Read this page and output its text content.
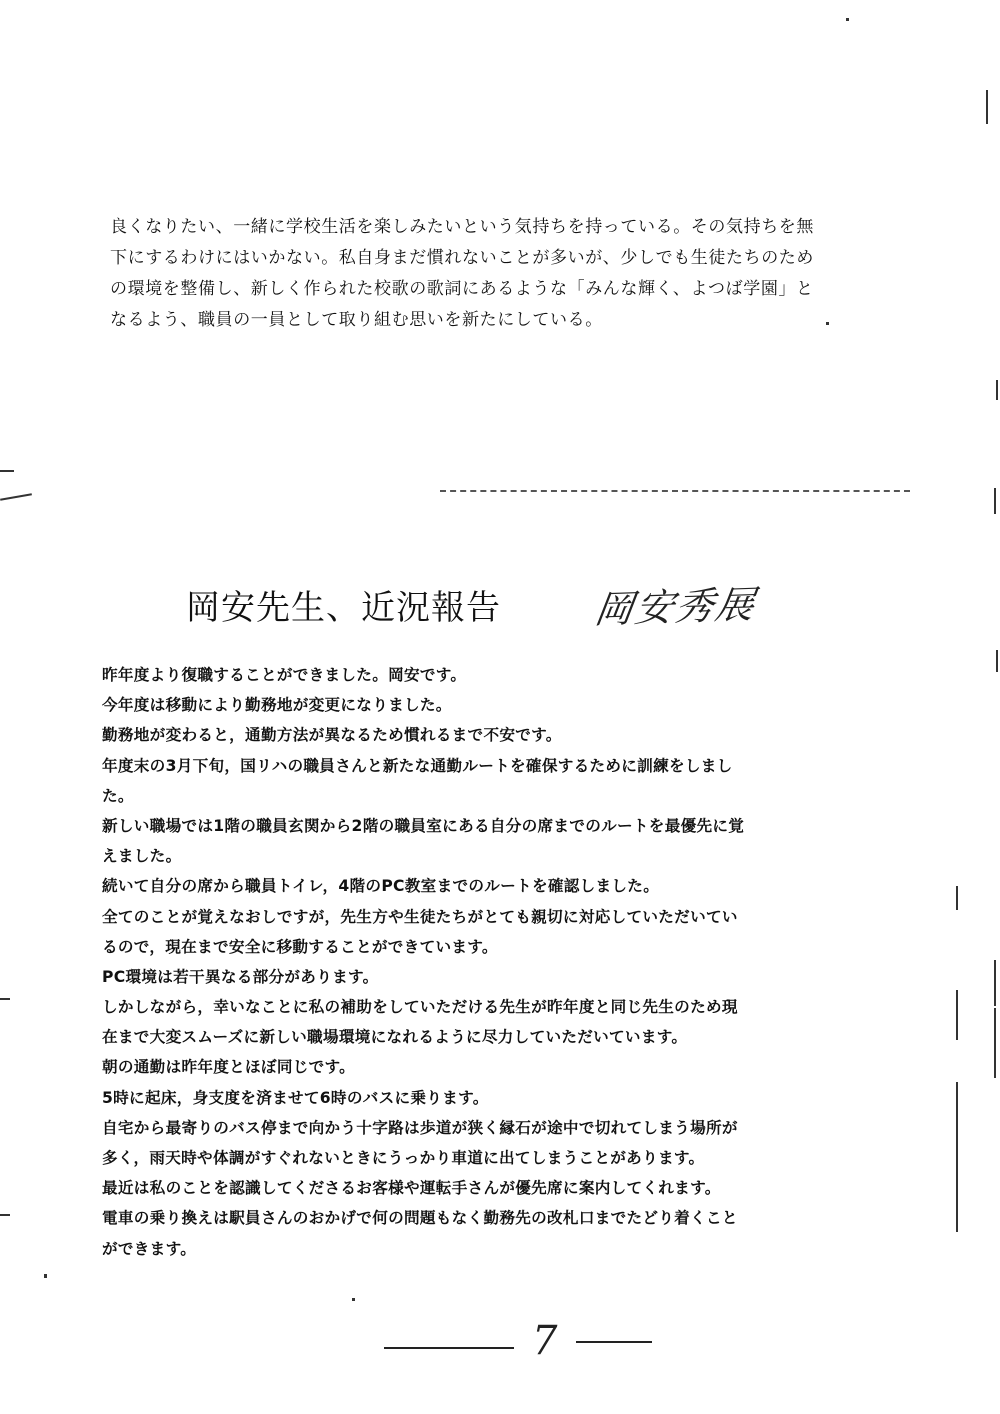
良くなりたい、一緒に学校生活を楽しみたいという気持ちを持っている。その気持ちを無
下にするわけにはいかない。私自身まだ慣れないことが多いが、少しでも生徒たちのため
の環境を整備し、新しく作られた校歌の歌詞にあるような「みんな輝く、よつば学園」と
なるよう、職員の一員として取り組む思いを新たにしている。
岡安先生、近況報告 岡安秀展
昨年度より復職することができました。岡安です。
今年度は移動により勤務地が変更になりました。
勤務地が変わると，通勤方法が異なるため慣れるまで不安です。
年度末の3月下旬，国リハの職員さんと新たな通勤ルートを確保するために訓練をしまし
た。
新しい職場では1階の職員玄関から2階の職員室にある自分の席までのルートを最優先に覚
えました。
続いて自分の席から職員トイレ，4階のPC教室までのルートを確認しました。
全てのことが覚えなおしですが，先生方や生徒たちがとても親切に対応していただいてい
るので，現在まで安全に移動することができています。
PC環境は若干異なる部分があります。
しかしながら，幸いなことに私の補助をしていただける先生が昨年度と同じ先生のため現
在まで大変スムーズに新しい職場環境になれるように尽力していただいています。
朝の通勤は昨年度とほぼ同じです。
5時に起床，身支度を済ませて6時のバスに乗ります。
自宅から最寄りのバス停まで向かう十字路は歩道が狭く縁石が途中で切れてしまう場所が
多く，雨天時や体調がすぐれないときにうっかり車道に出てしまうことがあります。
最近は私のことを認識してくださるお客様や運転手さんが優先席に案内してくれます。
電車の乗り換えは駅員さんのおかげで何の問題もなく勤務先の改札口までたどり着くこと
ができます。
7
